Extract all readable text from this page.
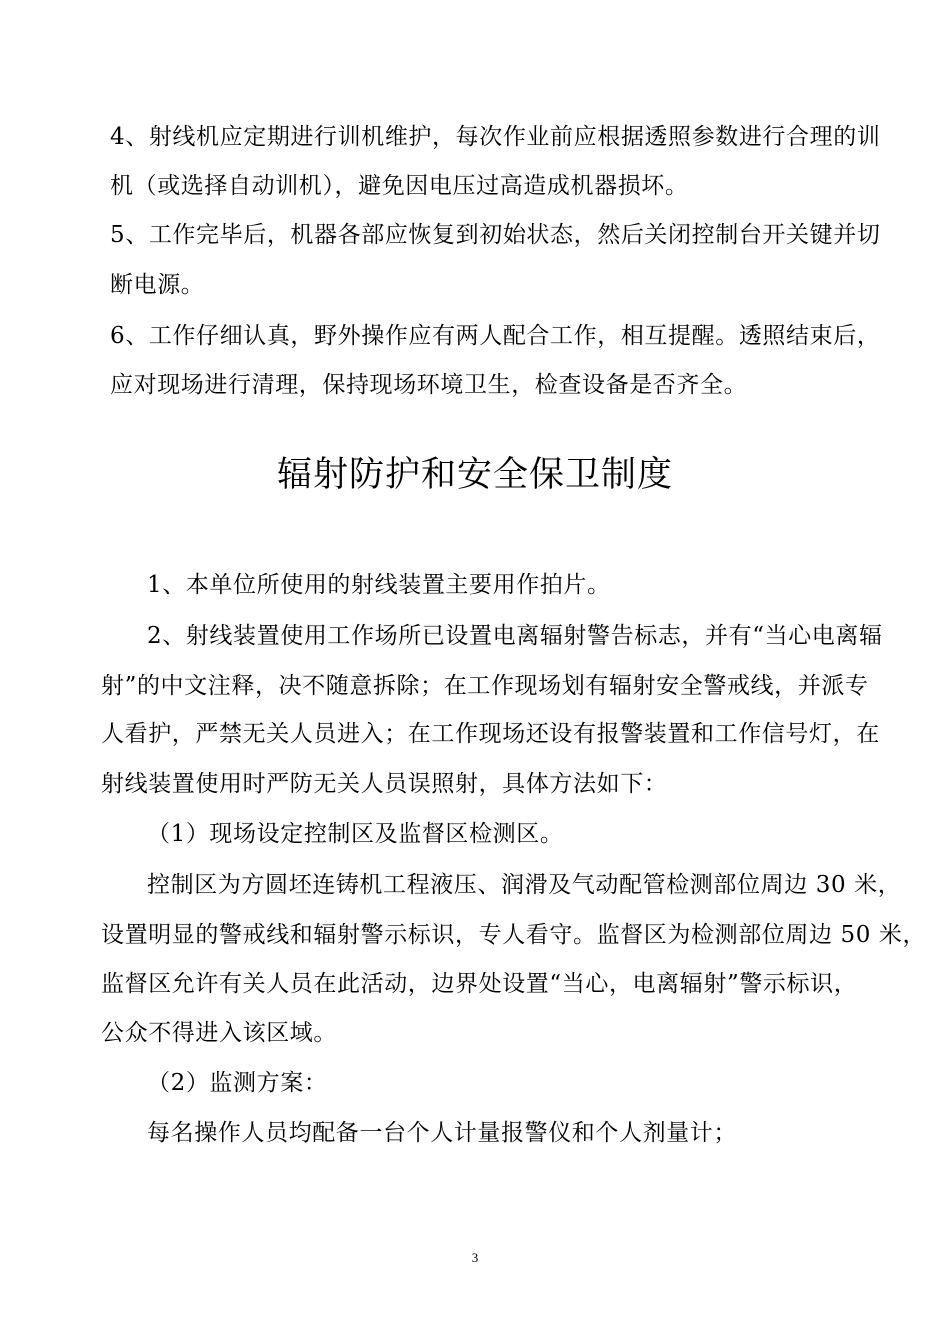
4、射线机应定期进行训机维护，每次作业前应根据透照参数进行合理的训

机（或选择自动训机），避免因电压过高造成机器损坏。

5、工作完毕后，机器各部应恢复到初始状态，然后关闭控制台开关键并切

断电源。

6、工作仔细认真，野外操作应有两人配合工作，相互提醒。透照结束后，

应对现场进行清理，保持现场环境卫生，检查设备是否齐全。

辐射防护和安全保卫制度

1、本单位所使用的射线装置主要用作拍片。

2、射线装置使用工作场所已设置电离辐射警告标志，并有“当心电离辐

射”的中文注释，决不随意拆除；在工作现场划有辐射安全警戒线，并派专

人看护，严禁无关人员进入；在工作现场还设有报警装置和工作信号灯，在

射线装置使用时严防无关人员误照射，具体方法如下：

（1）现场设定控制区及监督区检测区。

控制区为方圆坯连铸机工程液压、润滑及气动配管检测部位周边 30 米，

设置明显的警戒线和辐射警示标识，专人看守。监督区为检测部位周边 50 米，

监督区允许有关人员在此活动，边界处设置“当心，电离辐射”警示标识，

公众不得进入该区域。

（2）监测方案：

每名操作人员均配备一台个人计量报警仪和个人剂量计；

3
